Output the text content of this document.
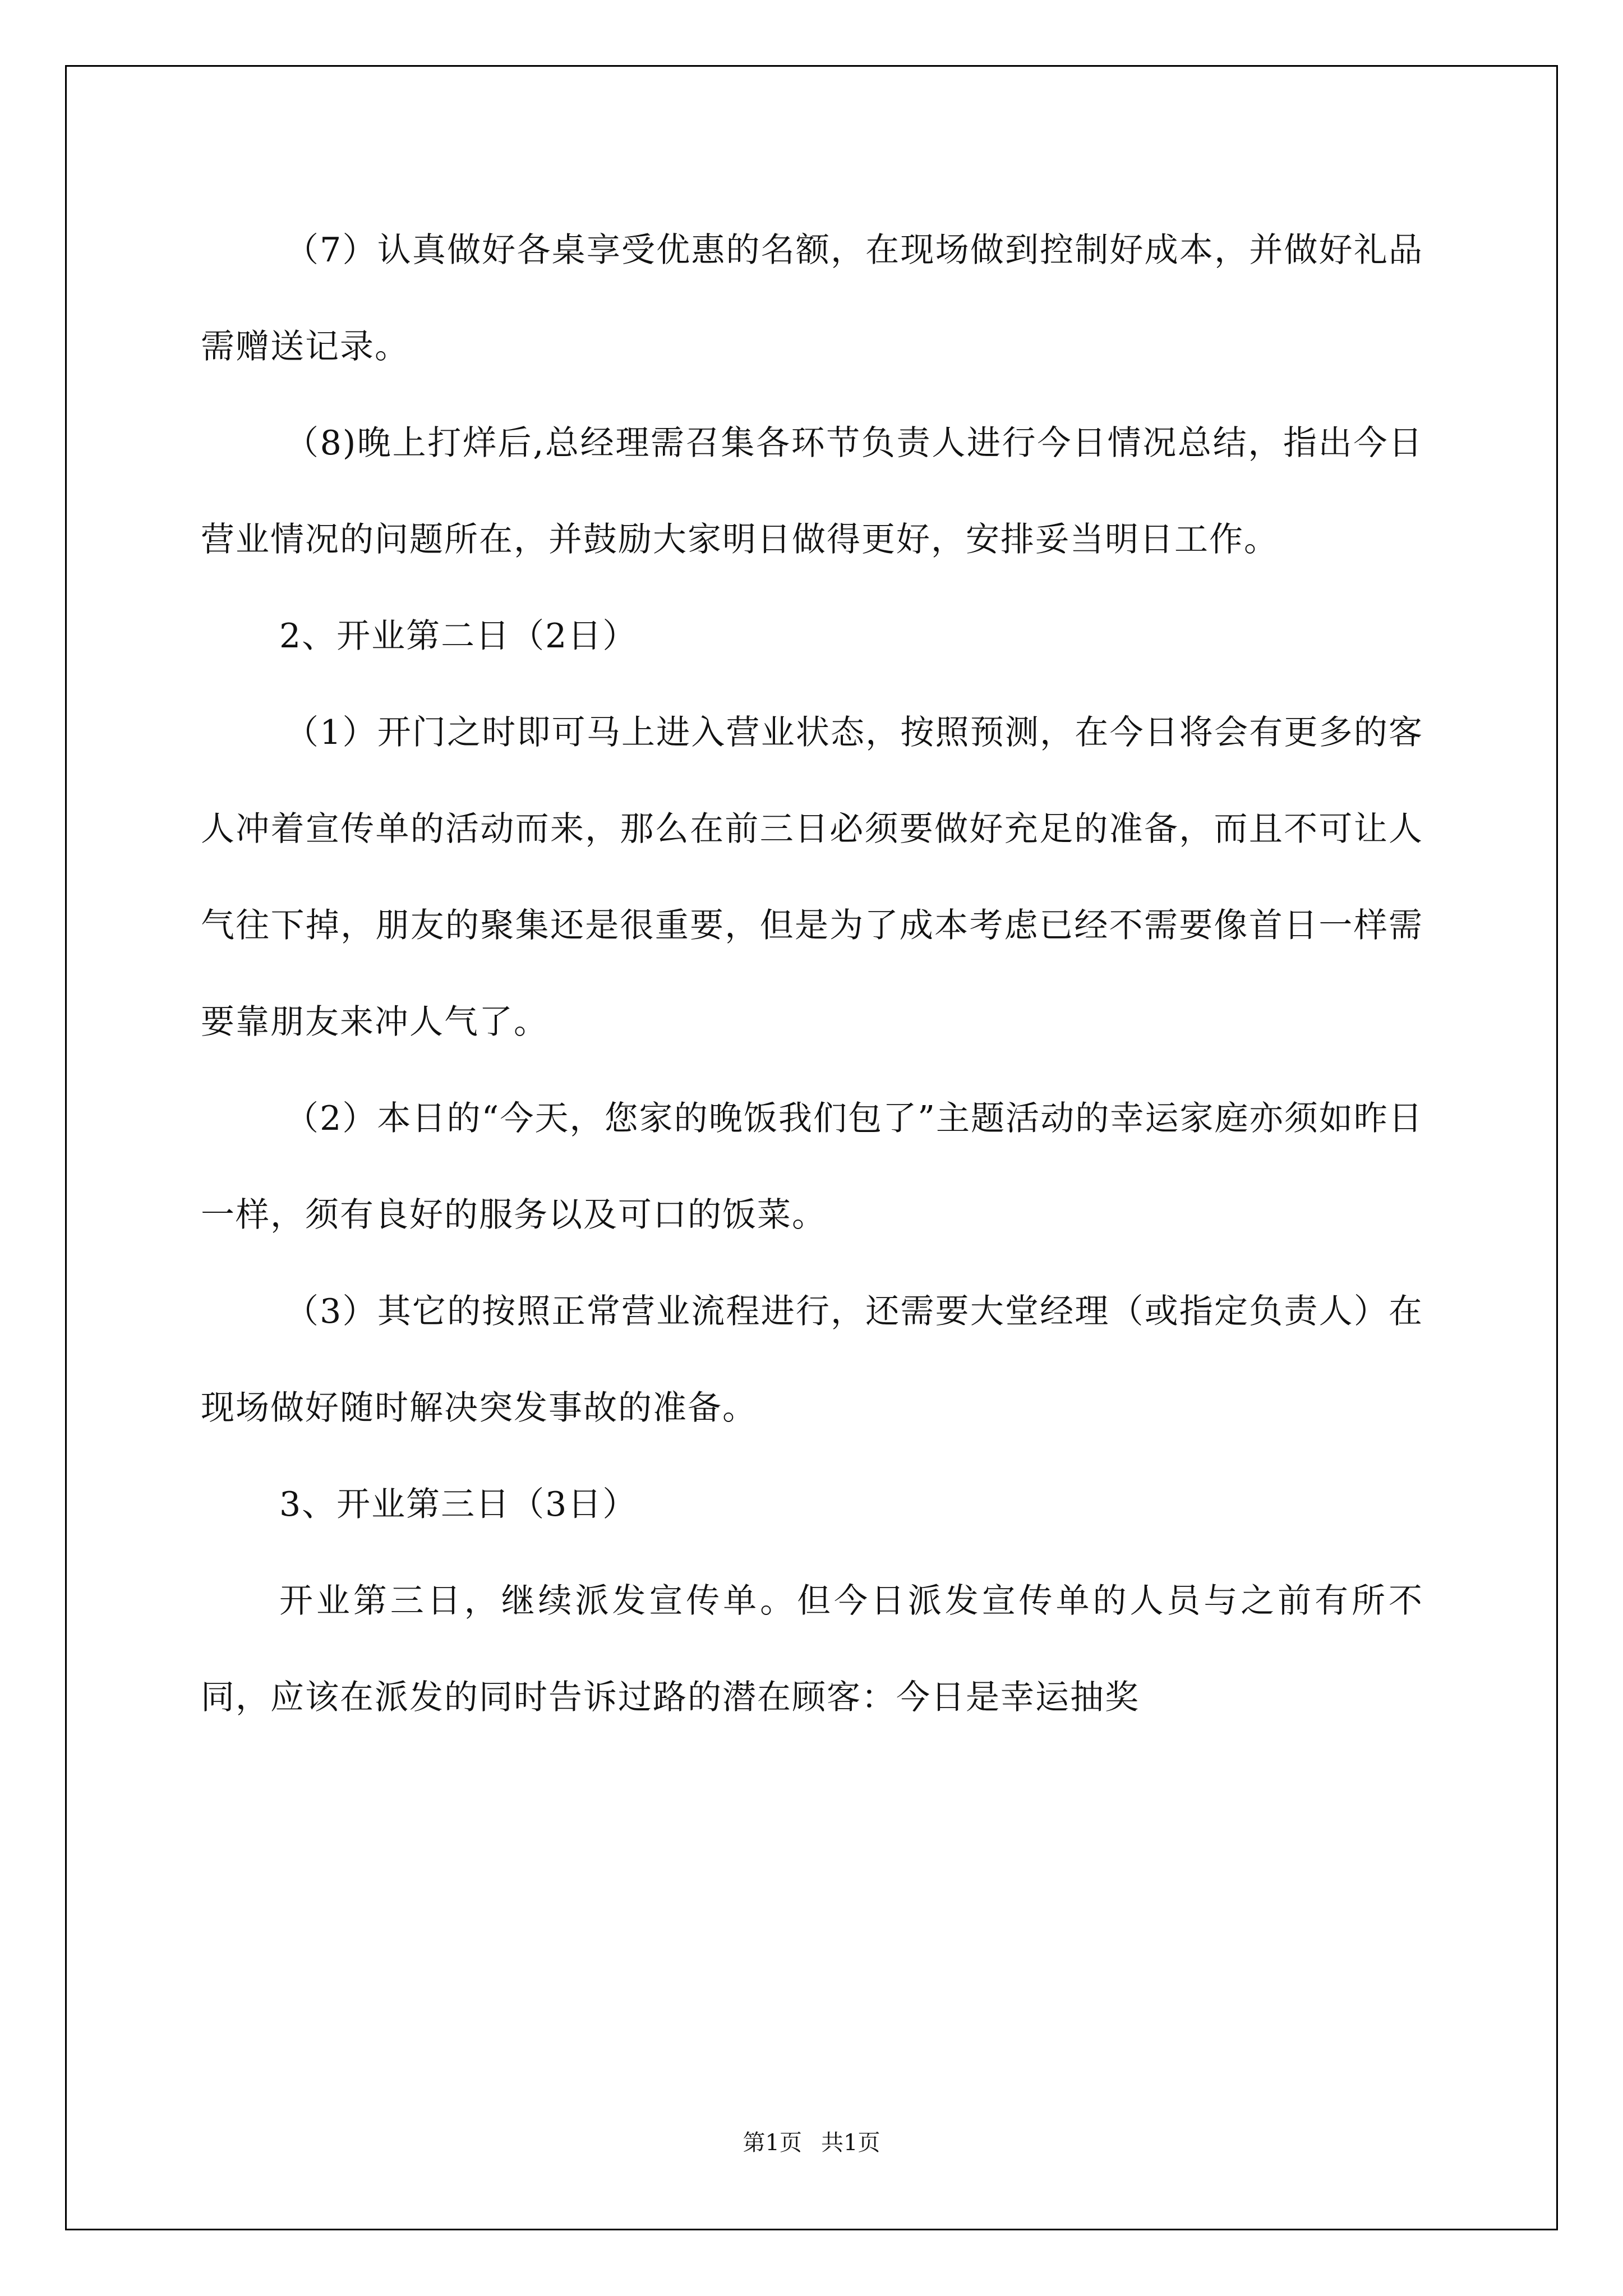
（7）认真做好各桌享受优惠的名额，在现场做到控制好成本，并做好礼品需赠送记录。

（8)晚上打烊后,总经理需召集各环节负责人进行今日情况总结，指出今日营业情况的问题所在，并鼓励大家明日做得更好，安排妥当明日工作。

2、开业第二日（2日）

（1）开门之时即可马上进入营业状态，按照预测，在今日将会有更多的客人冲着宣传单的活动而来，那么在前三日必须要做好充足的准备，而且不可让人气往下掉，朋友的聚集还是很重要，但是为了成本考虑已经不需要像首日一样需要靠朋友来冲人气了。

（2）本日的“今天，您家的晚饭我们包了”主题活动的幸运家庭亦须如昨日一样，须有良好的服务以及可口的饭菜。

（3）其它的按照正常营业流程进行，还需要大堂经理（或指定负责人）在现场做好随时解决突发事故的准备。

3、开业第三日（3日）

开业第三日，继续派发宣传单。但今日派发宣传单的人员与之前有所不同，应该在派发的同时告诉过路的潜在顾客：今日是幸运抽奖

第1页 共1页
